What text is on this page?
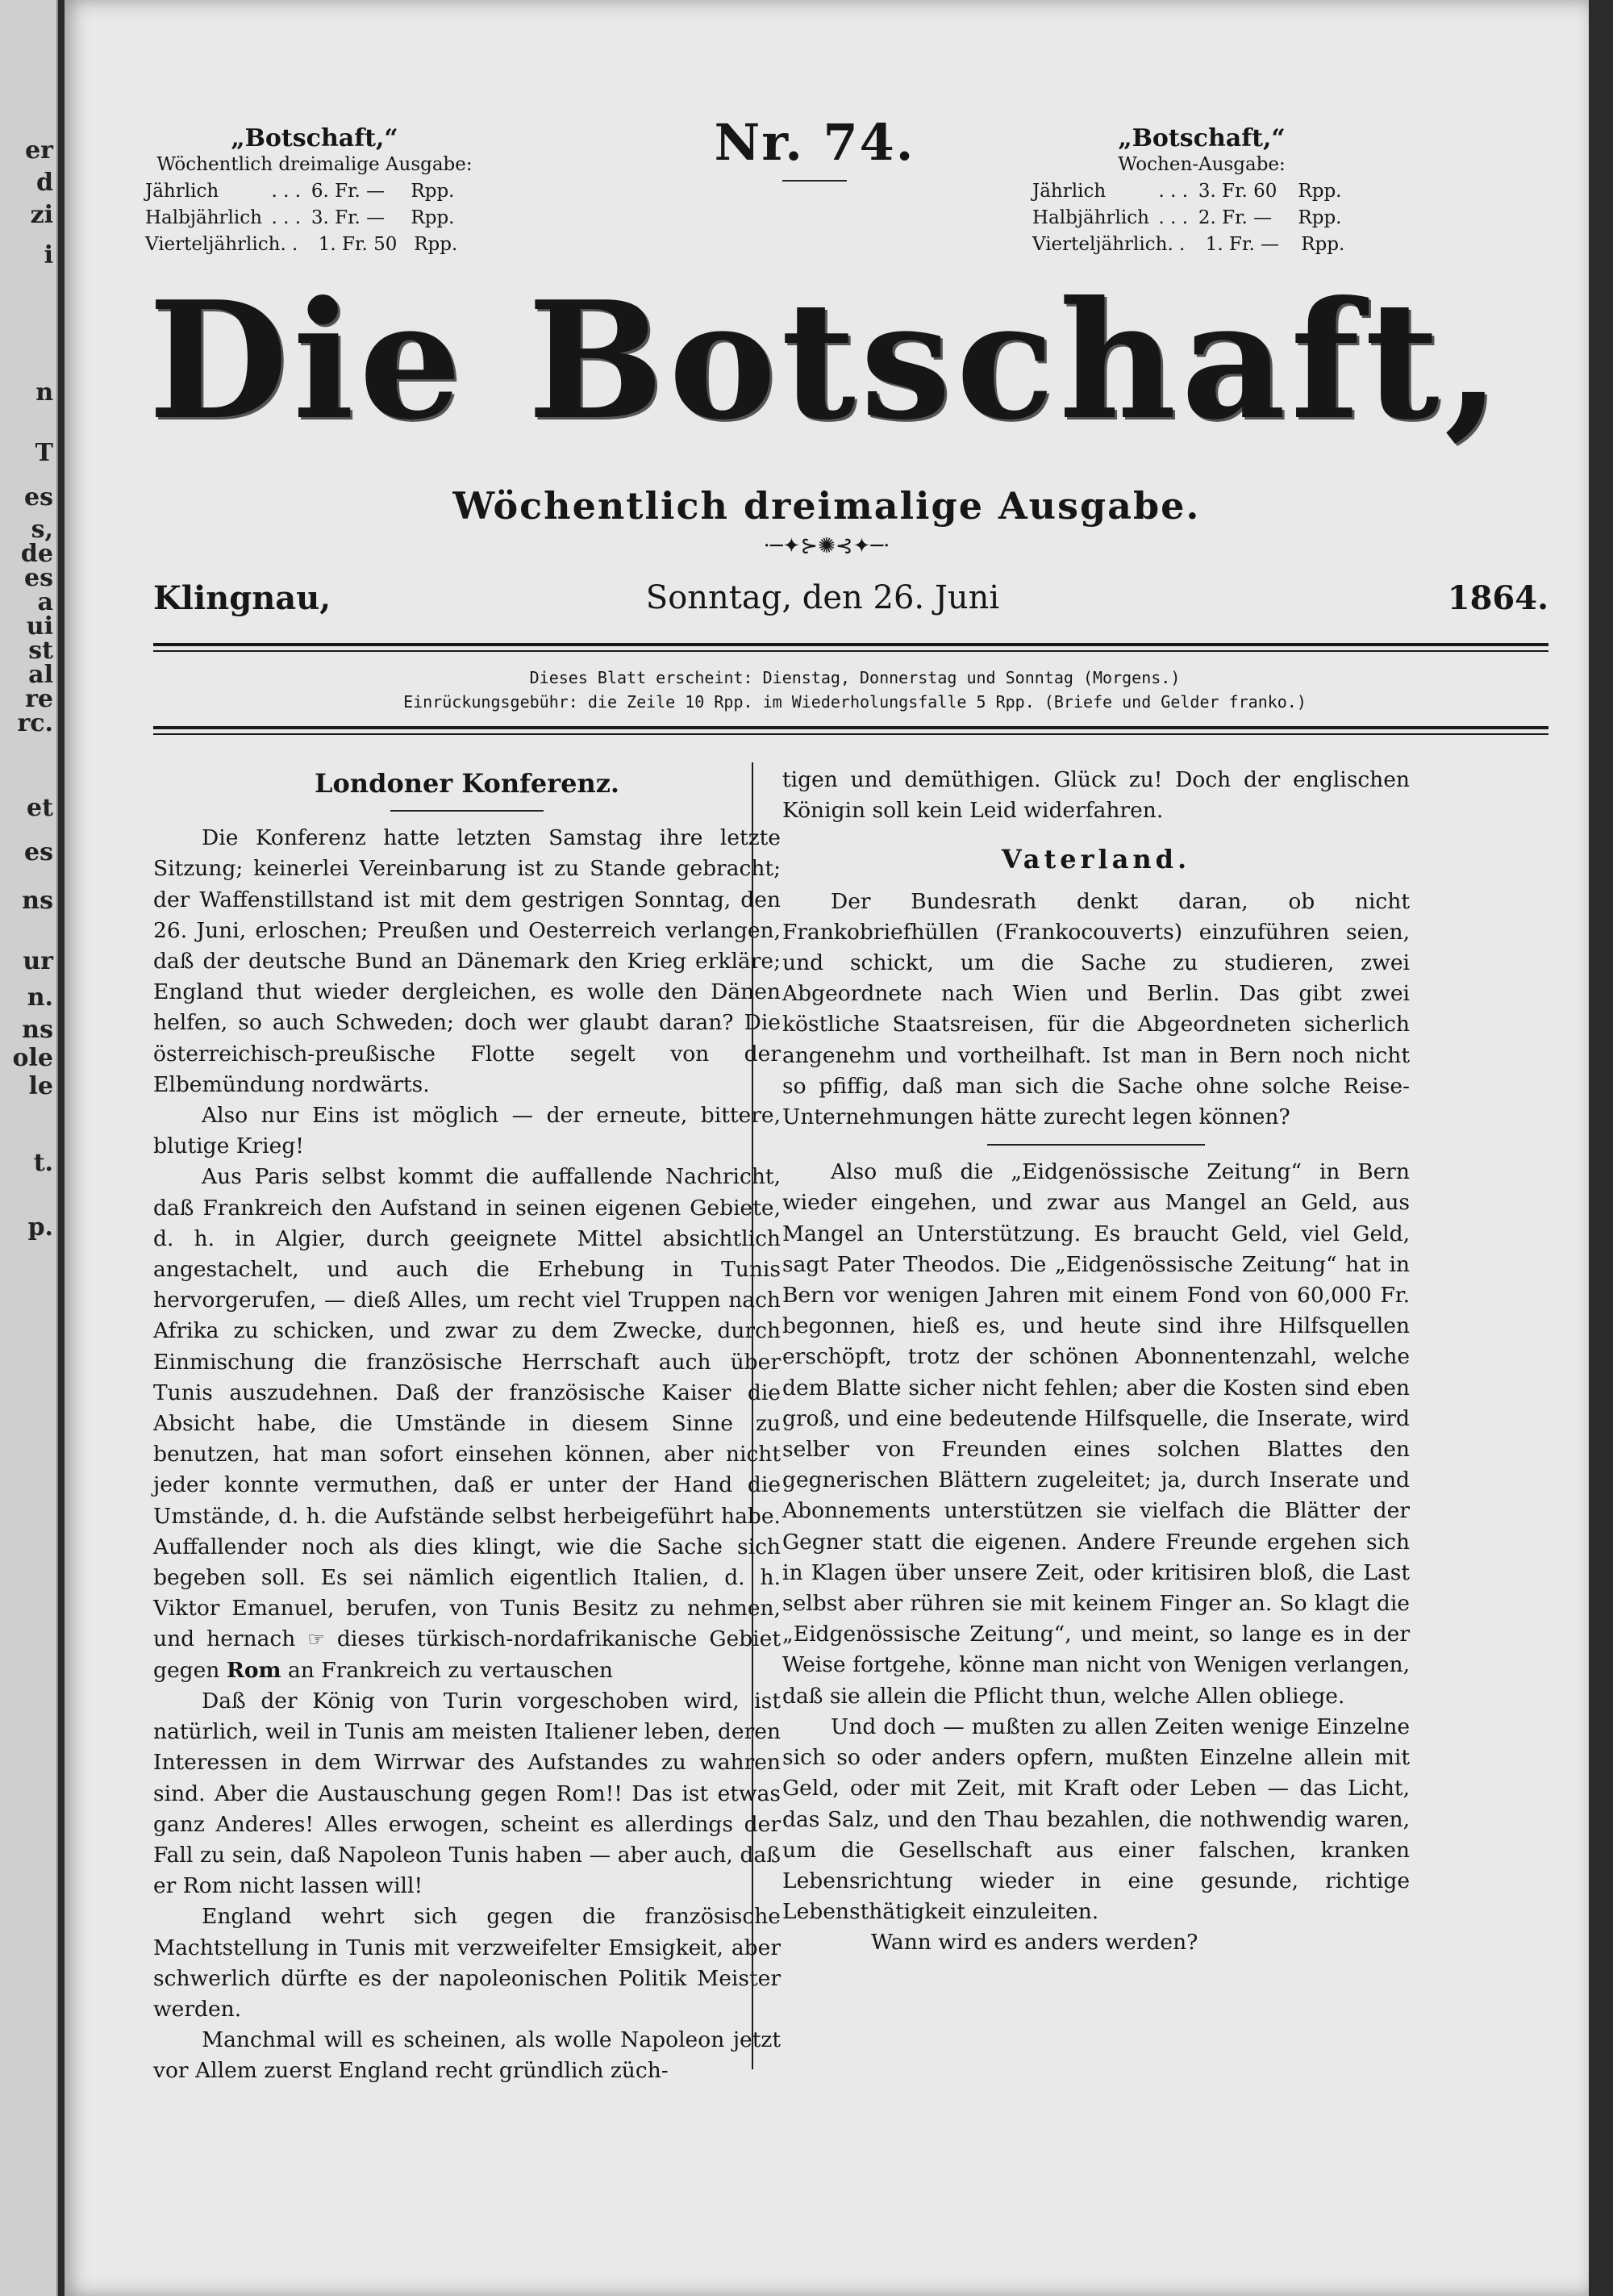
er
d
zi
i
n
T
es
s,
de
es
a
ui
st
al
re
rc.
et
es
ns
ur
n.
ns
ole
le
t.
p.
„Botschaft,“
Wöchentlich dreimalige Ausgabe:
Jährlich	. . . 6. Fr. —	Rpp.
Halbjährlich . . . 3. Fr. —	Rpp.
Vierteljährlich . .	1. Fr. 50 Rpp.
Nr. 74.	„Botschaft,“
Wochen-Ausgabe:
Jährlich	. . . 3. Fr. 60	Rpp.
Halbjährlich . . . 2. Fr. —	Rpp.
Vierteljährlich . .	1. Fr. —	Rpp.
Die Botschaft,
Wöchentlich dreimalige Ausgabe.
·─✦⊱✺⊰✦─·
Klingnau,	Sonntag, den 26. Juni	1864.
Dieses Blatt erscheint: Dienstag, Donnerstag und Sonntag (Morgens.)
Einrückungsgebühr: die Zeile 10 Rpp. im Wiederholungsfalle 5 Rpp. (Briefe und Gelder franko.)
Londoner Konferenz.

Die Konferenz hatte letzten Samstag ihre letzte Sitzung; keinerlei Vereinbarung ist zu Stande gebracht; der Waffenstillstand ist mit dem gestrigen Sonntag, den 26. Juni, erloschen; Preußen und Oesterreich verlangen, daß der deutsche Bund an Dänemark den Krieg erkläre; England thut wieder dergleichen, es wolle den Dänen helfen, so auch Schweden; doch wer glaubt daran? Die österreichisch-preußische Flotte segelt von der Elbemündung nordwärts.

Also nur Eins ist möglich — der erneute, bittere, blutige Krieg!

Aus Paris selbst kommt die auffallende Nachricht, daß Frankreich den Aufstand in seinen eigenen Gebiete, d. h. in Algier, durch geeignete Mittel absichtlich angestachelt, und auch die Erhebung in Tunis hervorgerufen, — dieß Alles, um recht viel Truppen nach Afrika zu schicken, und zwar zu dem Zwecke, durch Einmischung die französische Herrschaft auch über Tunis auszudehnen. Daß der französische Kaiser die Absicht habe, die Umstände in diesem Sinne zu benutzen, hat man sofort einsehen können, aber nicht jeder konnte vermuthen, daß er unter der Hand die Umstände, d. h. die Aufstände selbst herbeigeführt habe. Auffallender noch als dies klingt, wie die Sache sich begeben soll. Es sei nämlich eigentlich Italien, d. h. Viktor Emanuel, berufen, von Tunis Besitz zu nehmen, und hernach ☞ dieses türkisch-nordafrikanische Gebiet gegen Rom an Frankreich zu vertauschen

Daß der König von Turin vorgeschoben wird, ist natürlich, weil in Tunis am meisten Italiener leben, deren Interessen in dem Wirrwar des Aufstandes zu wahren sind. Aber die Austauschung gegen Rom!! Das ist etwas ganz Anderes! Alles erwogen, scheint es allerdings der Fall zu sein, daß Napoleon Tunis haben — aber auch, daß er Rom nicht lassen will!

England wehrt sich gegen die französische Machtstellung in Tunis mit verzweifelter Emsigkeit, aber schwerlich dürfte es der napoleonischen Politik Meister werden.

Manchmal will es scheinen, als wolle Napoleon jetzt vor Allem zuerst England recht gründlich züch-

tigen und demüthigen. Glück zu! Doch der englischen Königin soll kein Leid widerfahren.

Vaterland.

Der Bundesrath denkt daran, ob nicht Frankobriefhüllen (Frankocouverts) einzuführen seien, und schickt, um die Sache zu studieren, zwei Abgeordnete nach Wien und Berlin. Das gibt zwei köstliche Staatsreisen, für die Abgeordneten sicherlich angenehm und vortheilhaft. Ist man in Bern noch nicht so pfiffig, daß man sich die Sache ohne solche Reise-Unternehmungen hätte zurecht legen können?

Also muß die „Eidgenössische Zeitung“ in Bern wieder eingehen, und zwar aus Mangel an Geld, aus Mangel an Unterstützung. Es braucht Geld, viel Geld, sagt Pater Theodos. Die „Eidgenössische Zeitung“ hat in Bern vor wenigen Jahren mit einem Fond von 60,000 Fr. begonnen, hieß es, und heute sind ihre Hilfsquellen erschöpft, trotz der schönen Abonnentenzahl, welche dem Blatte sicher nicht fehlen; aber die Kosten sind eben groß, und eine bedeutende Hilfsquelle, die Inserate, wird selber von Freunden eines solchen Blattes den gegnerischen Blättern zugeleitet; ja, durch Inserate und Abonnements unterstützen sie vielfach die Blätter der Gegner statt die eigenen. Andere Freunde ergehen sich in Klagen über unsere Zeit, oder kritisiren bloß, die Last selbst aber rühren sie mit keinem Finger an. So klagt die „Eidgenössische Zeitung“, und meint, so lange es in der Weise fortgehe, könne man nicht von Wenigen verlangen, daß sie allein die Pflicht thun, welche Allen obliege.

Und doch — mußten zu allen Zeiten wenige Einzelne sich so oder anders opfern, mußten Einzelne allein mit Geld, oder mit Zeit, mit Kraft oder Leben — das Licht, das Salz, und den Thau bezahlen, die nothwendig waren, um die Gesellschaft aus einer falschen, kranken Lebensrichtung wieder in eine gesunde, richtige Lebensthätigkeit einzuleiten.

Wann wird es anders werden?
